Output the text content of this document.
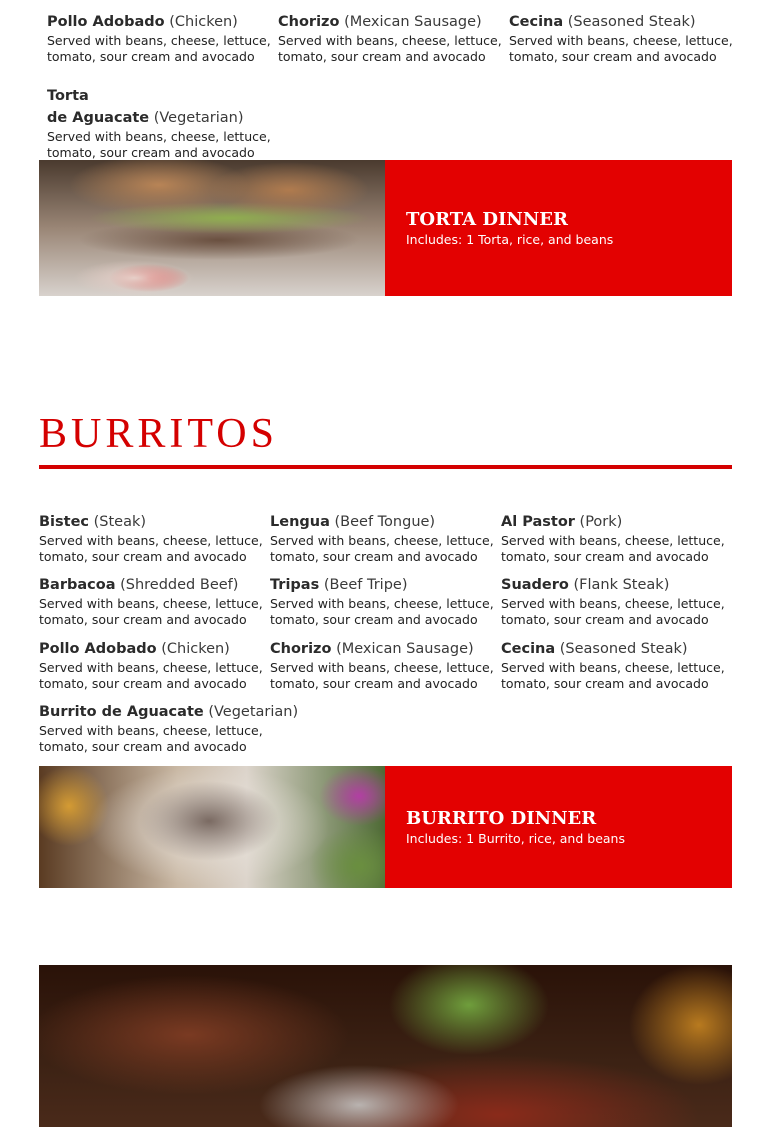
Pollo Adobado (Chicken)
Served with beans, cheese, lettuce, tomato, sour cream and avocado
Chorizo (Mexican Sausage)
Served with beans, cheese, lettuce, tomato, sour cream and avocado
Cecina (Seasoned Steak)
Served with beans, cheese, lettuce, tomato, sour cream and avocado
Torta
de Aguacate (Vegetarian)
Served with beans, cheese, lettuce, tomato, sour cream and avocado
TORTA DINNER
Includes: 1 Torta, rice, and beans
BURRITOS
Bistec (Steak)
Served with beans, cheese, lettuce, tomato, sour cream and avocado
Lengua (Beef Tongue)
Served with beans, cheese, lettuce, tomato, sour cream and avocado
Al Pastor (Pork)
Served with beans, cheese, lettuce, tomato, sour cream and avocado
Barbacoa (Shredded Beef)
Served with beans, cheese, lettuce, tomato, sour cream and avocado
Tripas (Beef Tripe)
Served with beans, cheese, lettuce, tomato, sour cream and avocado
Suadero (Flank Steak)
Served with beans, cheese, lettuce, tomato, sour cream and avocado
Pollo Adobado (Chicken)
Served with beans, cheese, lettuce, tomato, sour cream and avocado
Chorizo (Mexican Sausage)
Served with beans, cheese, lettuce, tomato, sour cream and avocado
Cecina (Seasoned Steak)
Served with beans, cheese, lettuce, tomato, sour cream and avocado
Burrito de Aguacate (Vegetarian)
Served with beans, cheese, lettuce, tomato, sour cream and avocado
BURRITO DINNER
Includes: 1 Burrito, rice, and beans
